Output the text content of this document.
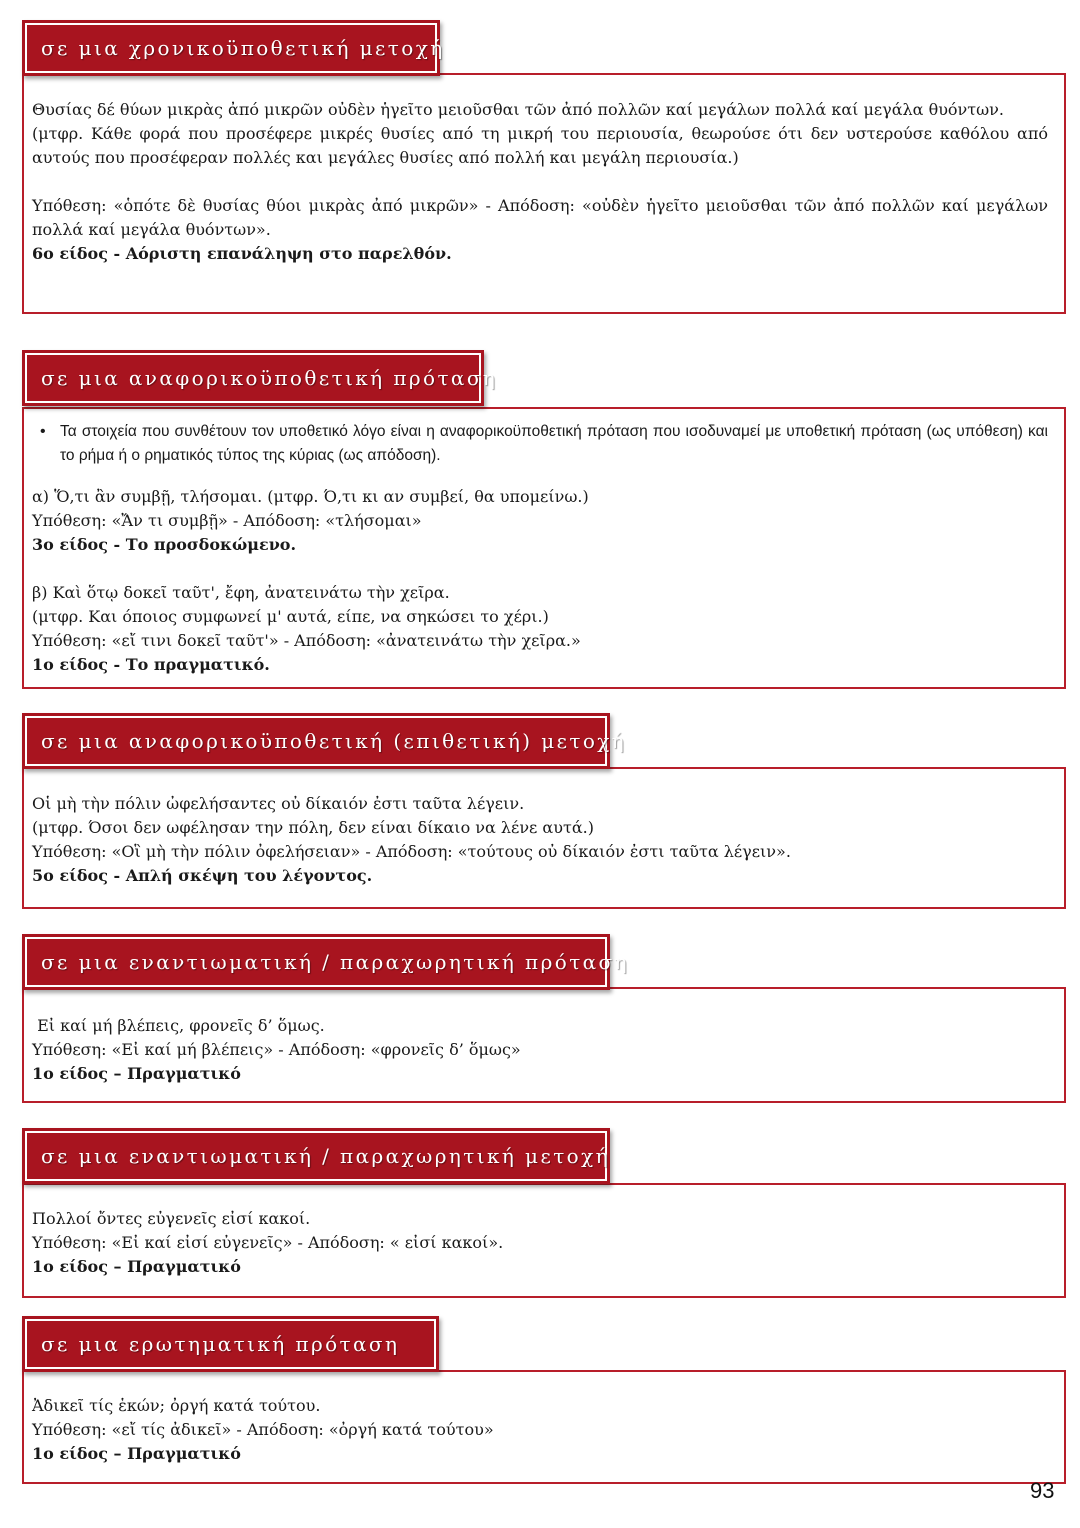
σε μια χρονικοϋποθετική μετοχή

Θυσίας δέ θύων μικρὰς ἀπό μικρῶν οὐδὲν ἡγεῖτο μειοῦσθαι τῶν ἀπό πολλῶν καί μεγάλων πολλά καί μεγάλα θυόντων.

(μτφρ. Κάθε φορά που προσέφερε μικρές θυσίες από τη μικρή του περιουσία, θεωρούσε ότι δεν υστερούσε καθόλου από αυτούς που προσέφεραν πολλές και μεγάλες θυσίες από πολλή και μεγάλη περιουσία.)

Υπόθεση: «ὁπότε δὲ θυσίας θύοι μικρὰς ἀπό μικρῶν» - Απόδοση: «οὐδὲν ἡγεῖτο μειοῦσθαι τῶν ἀπό πολλῶν καί μεγάλων πολλά καί μεγάλα θυόντων».

6ο είδος - Αόριστη επανάληψη στο παρελθόν.

σε μια αναφορικοϋποθετική πρόταση
• Τα στοιχεία που συνθέτουν τον υποθετικό λόγο είναι η αναφορικοϋποθετική πρόταση που ισοδυναμεί με υποθετική πρόταση (ως υπόθεση) και το ρήμα ή ο ρηματικός τύπος της κύριας (ως απόδοση).

α) Ὅ,τι ἂν συμβῇ, τλήσομαι. (μτφρ. Ό,τι κι αν συμβεί, θα υπομείνω.)

Υπόθεση: «Ἄν τι συμβῇ» - Απόδοση: «τλήσομαι»

3ο είδος - Το προσδοκώμενο.

β) Καὶ ὅτῳ δοκεῖ ταῦτ', ἔφη, ἀνατεινάτω τὴν χεῖρα.

(μτφρ. Και όποιος συμφωνεί μ' αυτά, είπε, να σηκώσει το χέρι.)

Υπόθεση: «εἴ τινι δοκεῖ ταῦτ'» - Απόδοση: «ἀνατεινάτω τὴν χεῖρα.»

1ο είδος - Το πραγματικό.

σε μια αναφορικοϋποθετική (επιθετική) μετοχή

Οἱ μὴ τὴν πόλιν ὠφελήσαντες οὐ δίκαιόν ἐστι ταῦτα λέγειν.

(μτφρ. Όσοι δεν ωφέλησαν την πόλη, δεν είναι δίκαιο να λένε αυτά.)

Υπόθεση: «Οἳ μὴ τὴν πόλιν ὀφελήσειαν» - Απόδοση: «τούτους οὐ δίκαιόν ἐστι ταῦτα λέγειν».

5ο είδος - Απλή σκέψη του λέγοντος.

σε μια εναντιωματική / παραχωρητική πρόταση

Εἰ καί μή βλέπεις, φρονεῖς δ’ ὅμως.

Υπόθεση: «Εἰ καί μή βλέπεις» - Απόδοση: «φρονεῖς δ’ ὅμως»

1ο είδος – Πραγματικό

σε μια εναντιωματική / παραχωρητική μετοχή

Πολλοί ὄντες εὐγενεῖς εἰσί κακοί.

Υπόθεση: «Εἰ καί εἰσί εὐγενεῖς» - Απόδοση: « εἰσί κακοί».

1ο είδος – Πραγματικό

σε μια ερωτηματική πρόταση

Ἀδικεῖ τίς ἑκών; ὀργή κατά τούτου.

Υπόθεση: «εἴ τίς ἀδικεῖ» - Απόδοση: «ὀργή κατά τούτου»

1ο είδος – Πραγματικό

93
